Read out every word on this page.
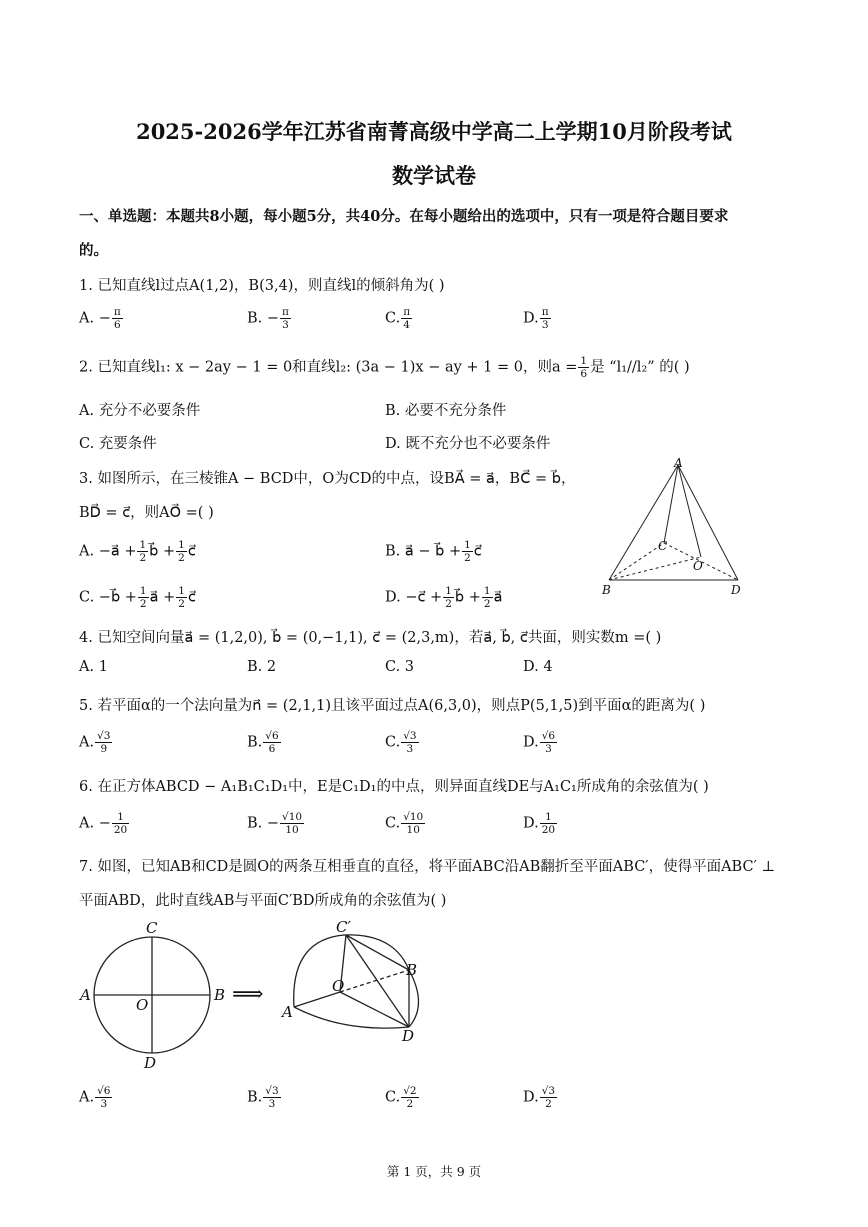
2025-2026学年江苏省南菁高级中学高二上学期10月阶段考试
数学试卷
一、单选题：本题共8小题，每小题5分，共40分。在每小题给出的选项中，只有一项是符合题目要求
的。
1. 已知直线l过点A(1,2)，B(3,4)，则直线l的倾斜角为( )
A. − $\frac{\pi}{6}$	B. − $\frac{\pi}{3}$	C. $\frac{\pi}{4}$	D. $\frac{\pi}{3}$
2. 已知直线l₁: x − 2ay − 1 = 0和直线l₂: (3a − 1)x − ay + 1 = 0，则$a = \frac{1}{6}$ 是 “l₁//l₂” 的( )
A. 充分不必要条件	B. 必要不充分条件
C. 充要条件	D. 既不充分也不必要条件
3. 如图所示，在三棱锥A − BCD中，O为CD的中点，设BA⃗ = a⃗，BC⃗ = b⃗，
BD⃗ = c⃗，则AO⃗ =( )
A. −a⃗ + $\frac{1}{2}$ b⃗ + $\frac{1}{2}$ c⃗	B. a⃗ − b⃗ + $\frac{1}{2}$ c⃗
C. −b⃗ + $\frac{1}{2}$ a⃗ + $\frac{1}{2}$ c⃗	D. −c⃗ + $\frac{1}{2}$ b⃗ + $\frac{1}{2}$ a⃗
A
B
C
D
O
4. 已知空间向量a⃗ = (1,2,0), b⃗ = (0,−1,1), c⃗ = (2,3,m)，若a⃗, b⃗, c⃗共面，则实数m =( )
A. 1	B. 2	C. 3	D. 4
5. 若平面α的一个法向量为n⃗ = (2,1,1)且该平面过点A(6,3,0)，则点P(5,1,5)到平面α的距离为( )
A. $\frac{√3}{9}$	B. $\frac{√6}{6}$	C. $\frac{√3}{3}$	D. $\frac{√6}{3}$
6. 在正方体ABCD − A₁B₁C₁D₁中，E是C₁D₁的中点，则异面直线DE与A₁C₁所成角的余弦值为( )
A. − $\frac{1}{20}$	B. − $\frac{√10}{10}$	C. $\frac{√10}{10}$	D. $\frac{1}{20}$
7. 如图，已知AB和CD是圆O的两条互相垂直的直径，将平面ABC沿AB翻折至平面ABC′，使得平面ABC′ ⊥
平面ABD，此时直线AB与平面C′BD所成角的余弦值为( )
C
A
O
B
D
⟹
C′
O
B
A
D
A. $\frac{√6}{3}$	B. $\frac{√3}{3}$	C. $\frac{√2}{2}$	D. $\frac{√3}{2}$
第 1 页，共 9 页
